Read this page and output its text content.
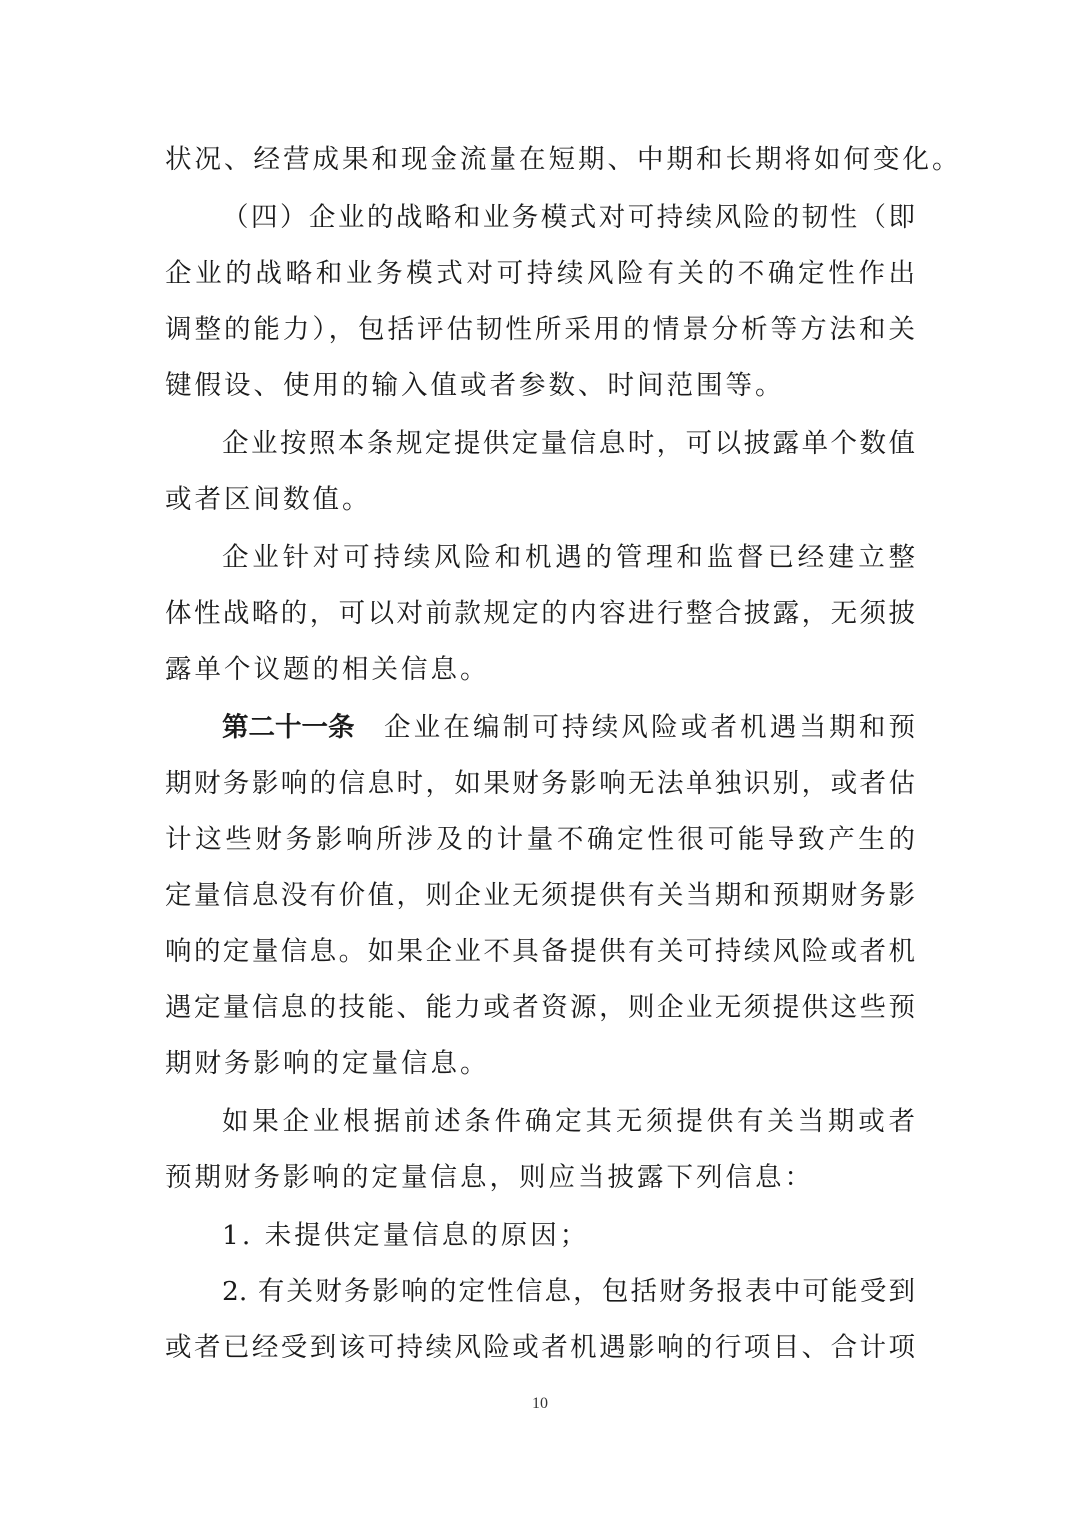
状况、经营成果和现金流量在短期、中期和长期将如何变化。
（四）企业的战略和业务模式对可持续风险的韧性（即
企业的战略和业务模式对可持续风险有关的不确定性作出
调整的能力），包括评估韧性所采用的情景分析等方法和关
键假设、使用的输入值或者参数、时间范围等。
企业按照本条规定提供定量信息时，可以披露单个数值
或者区间数值。
企业针对可持续风险和机遇的管理和监督已经建立整
体性战略的，可以对前款规定的内容进行整合披露，无须披
露单个议题的相关信息。
第二十一条	企业在编制可持续风险或者机遇当期和预
期财务影响的信息时，如果财务影响无法单独识别，或者估
计这些财务影响所涉及的计量不确定性很可能导致产生的
定量信息没有价值，则企业无须提供有关当期和预期财务影
响的定量信息。如果企业不具备提供有关可持续风险或者机
遇定量信息的技能、能力或者资源，则企业无须提供这些预
期财务影响的定量信息。
如果企业根据前述条件确定其无须提供有关当期或者
预期财务影响的定量信息，则应当披露下列信息：
1. 未提供定量信息的原因；
2. 有关财务影响的定性信息，包括财务报表中可能受到
或者已经受到该可持续风险或者机遇影响的行项目、合计项
10
